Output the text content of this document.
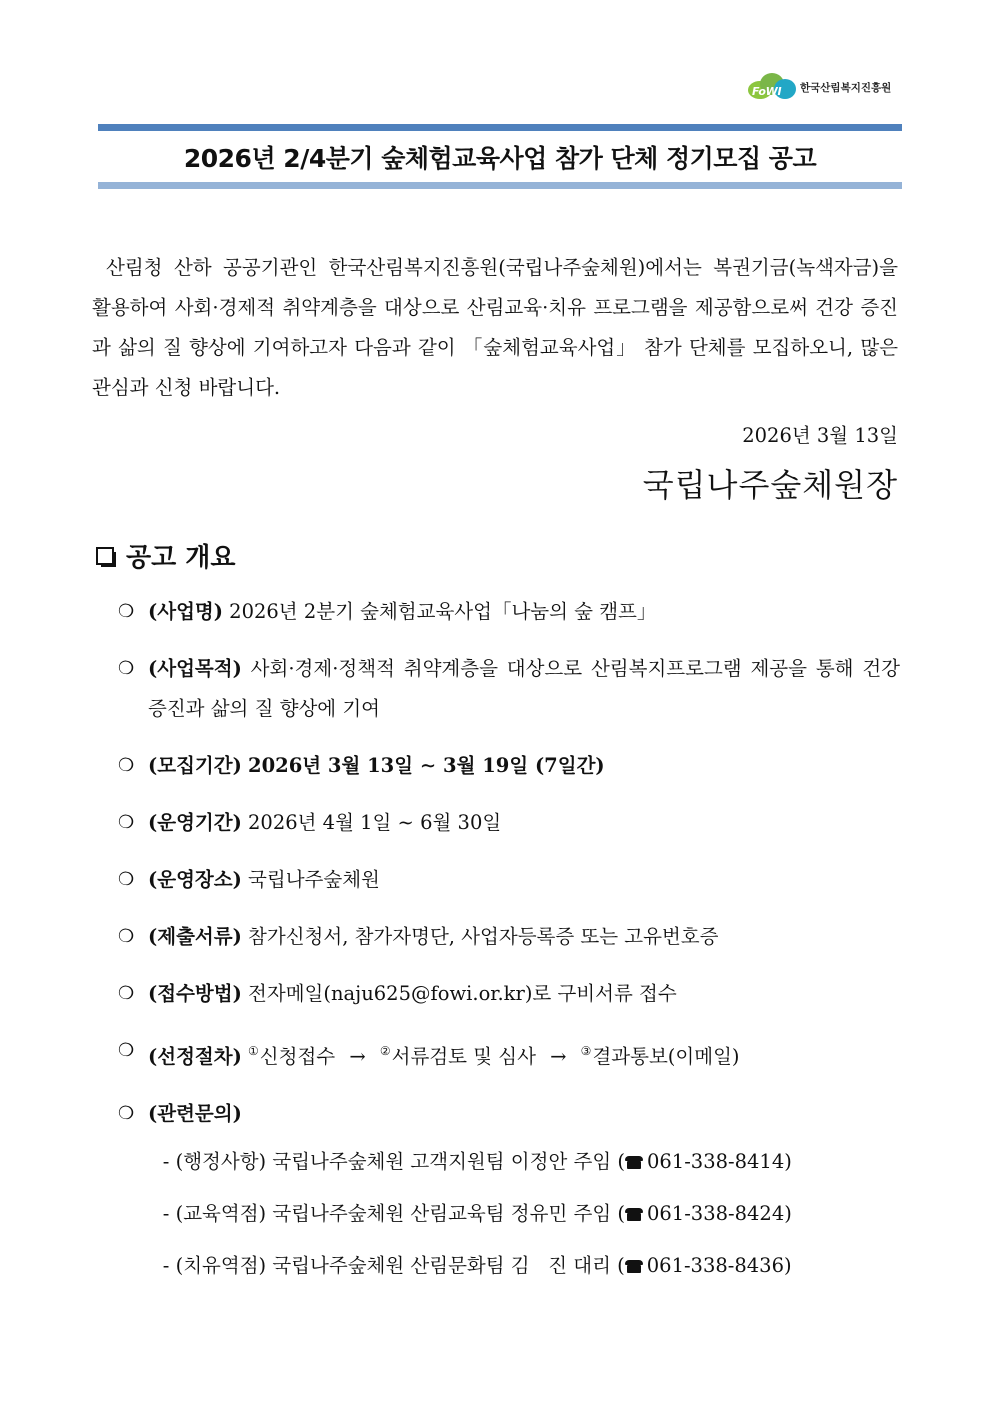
FoWI 한국산림복지진흥원
2026년 2/4분기 숲체험교육사업 참가 단체 정기모집 공고

산림청 산하 공공기관인 한국산림복지진흥원(국립나주숲체원)에서는 복권기금(녹색자금)을 활용하여 사회·경제적 취약계층을 대상으로 산림교육·치유 프로그램을 제공함으로써 건강 증진과 삶의 질 향상에 기여하고자 다음과 같이 「숲체험교육사업」 참가 단체를 모집하오니, 많은 관심과 신청 바랍니다.

2026년 3월 13일
국립나주숲체원장
공고 개요
❍ (사업명) 2026년 2분기 숲체험교육사업「나눔의 숲 캠프」
❍ (사업목적) 사회·경제·정책적 취약계층을 대상으로 산림복지프로그램 제공을 통해 건강증진과 삶의 질 향상에 기여
❍ (모집기간) 2026년 3월 13일 ∼ 3월 19일 (7일간)
❍ (운영기간) 2026년 4월 1일 ∼ 6월 30일
❍ (운영장소) 국립나주숲체원
❍ (제출서류) 참가신청서, 참가자명단, 사업자등록증 또는 고유번호증
❍ (접수방법) 전자메일(naju625@fowi.or.kr)로 구비서류 접수
❍ (선정절차) ①신청접수 → ②서류검토 및 심사 → ③결과통보(이메일)
❍ (관련문의)

- (행정사항) 국립나주숲체원 고객지원팀 이정안 주임 ( 061-338-8414)

- (교육역점) 국립나주숲체원 산림교육팀 정유민 주임 ( 061-338-8424)

- (치유역점) 국립나주숲체원 산림문화팀 김   진 대리 ( 061-338-8436)
